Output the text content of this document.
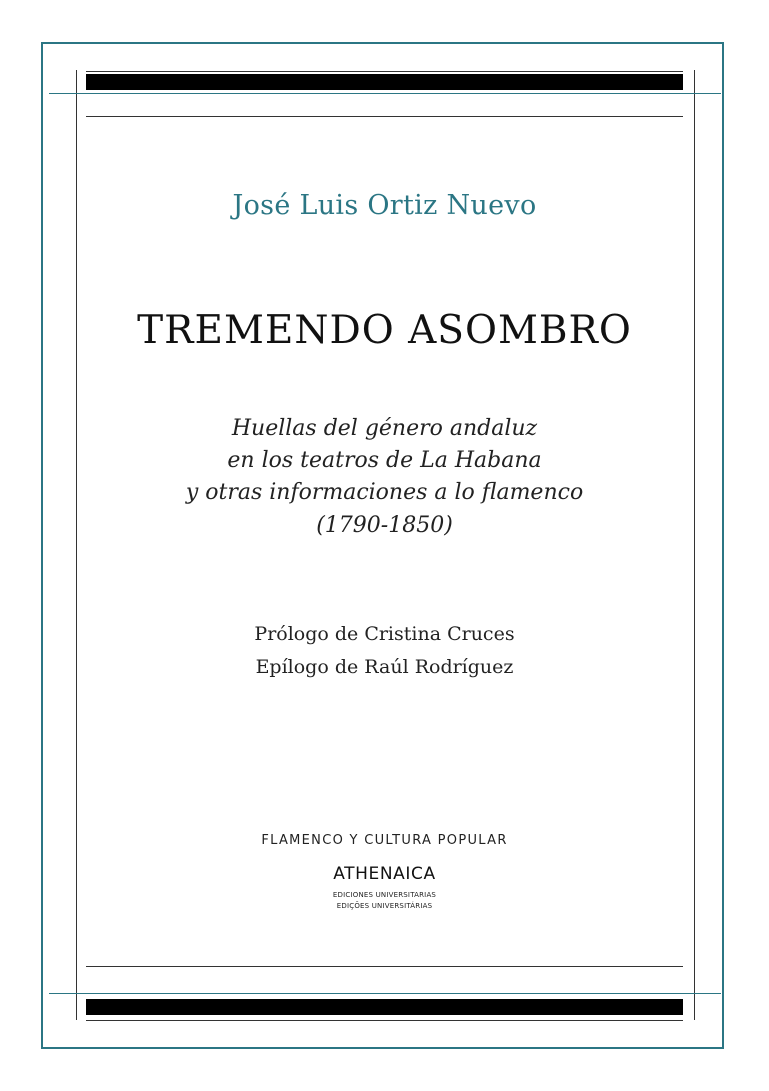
José Luis Ortiz Nuevo
TREMENDO ASOMBRO
Huellas del género andaluz
en los teatros de La Habana
y otras informaciones a lo flamenco
(1790-1850)
Prólogo de Cristina Cruces
Epílogo de Raúl Rodríguez
FLAMENCO Y CULTURA POPULAR
ATHENAICA
EDICIONES UNIVERSITARIAS
EDIÇÕES UNIVERSITÁRIAS
